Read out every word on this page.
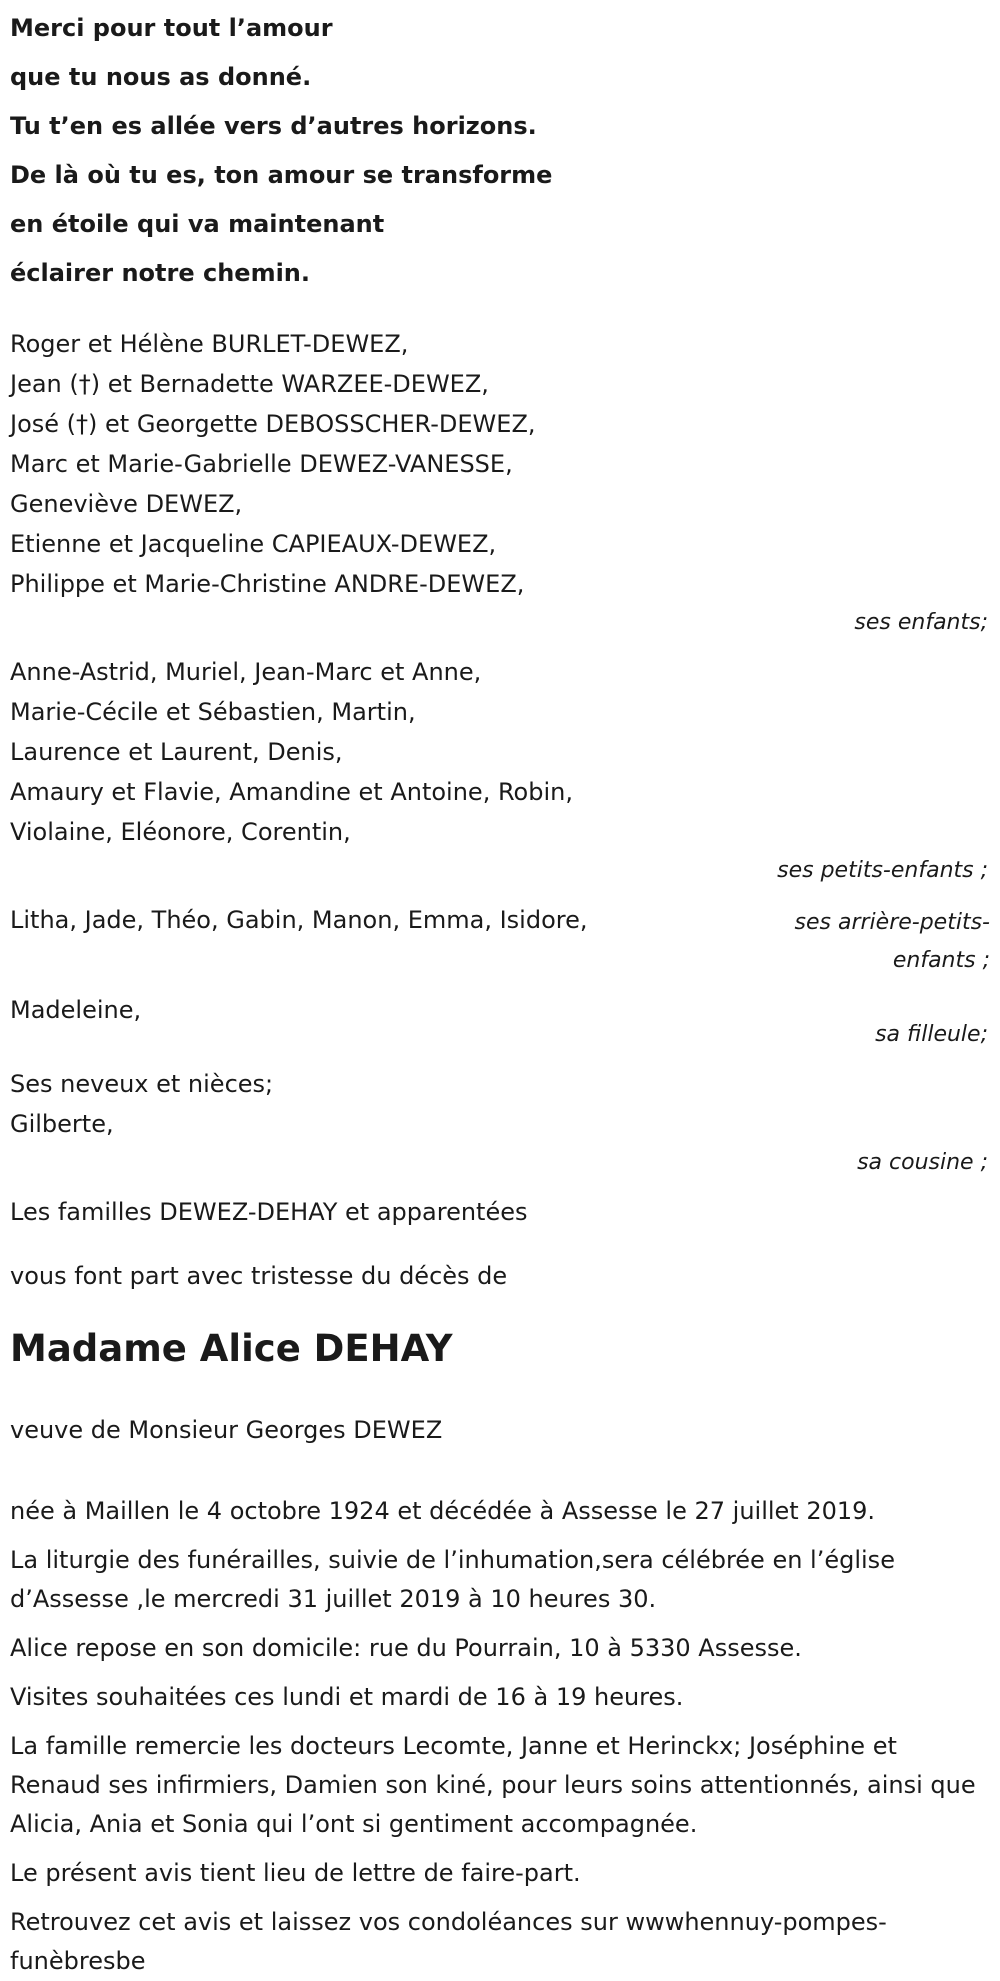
Merci pour tout l’amour

que tu nous as donné.

Tu t’en es allée vers d’autres horizons.

De là où tu es, ton amour se transforme

en étoile qui va maintenant

éclairer notre chemin.

Roger et Hélène BURLET-DEWEZ,

Jean (†) et Bernadette WARZEE-DEWEZ,

José (†) et Georgette DEBOSSCHER-DEWEZ,

Marc et Marie-Gabrielle DEWEZ-VANESSE,

Geneviève DEWEZ,

Etienne et Jacqueline CAPIEAUX-DEWEZ,

Philippe et Marie-Christine ANDRE-DEWEZ,

ses enfants;

Anne-Astrid, Muriel, Jean-Marc et Anne,

Marie-Cécile et Sébastien, Martin,

Laurence et Laurent, Denis,

Amaury et Flavie, Amandine et Antoine, Robin,

Violaine, Eléonore, Corentin,

ses petits-enfants ;

Litha, Jade, Théo, Gabin, Manon, Emma, Isidore,	ses arrière-petits-enfants ;

Madeleine,

sa filleule;

Ses neveux et nièces;

Gilberte,

sa cousine ;

Les familles DEWEZ-DEHAY et apparentées

vous font part avec tristesse du décès de

Madame Alice DEHAY

veuve de Monsieur Georges DEWEZ

née à Maillen le 4 octobre 1924 et décédée à Assesse le 27 juillet 2019.

La liturgie des funérailles, suivie de l’inhumation,sera célébrée en l’église d’Assesse ,le mercredi 31 juillet 2019 à 10 heures 30.

Alice repose en son domicile: rue du Pourrain, 10 à 5330 Assesse.

Visites souhaitées ces lundi et mardi de 16 à 19 heures.

La famille remercie les docteurs Lecomte, Janne et Herinckx; Joséphine et Renaud ses infirmiers, Damien son kiné, pour leurs soins attentionnés, ainsi que Alicia, Ania et Sonia qui l’ont si gentiment accompagnée.

Le présent avis tient lieu de lettre de faire-part.

Retrouvez cet avis et laissez vos condoléances sur wwwhennuy-pompes-funèbresbe
